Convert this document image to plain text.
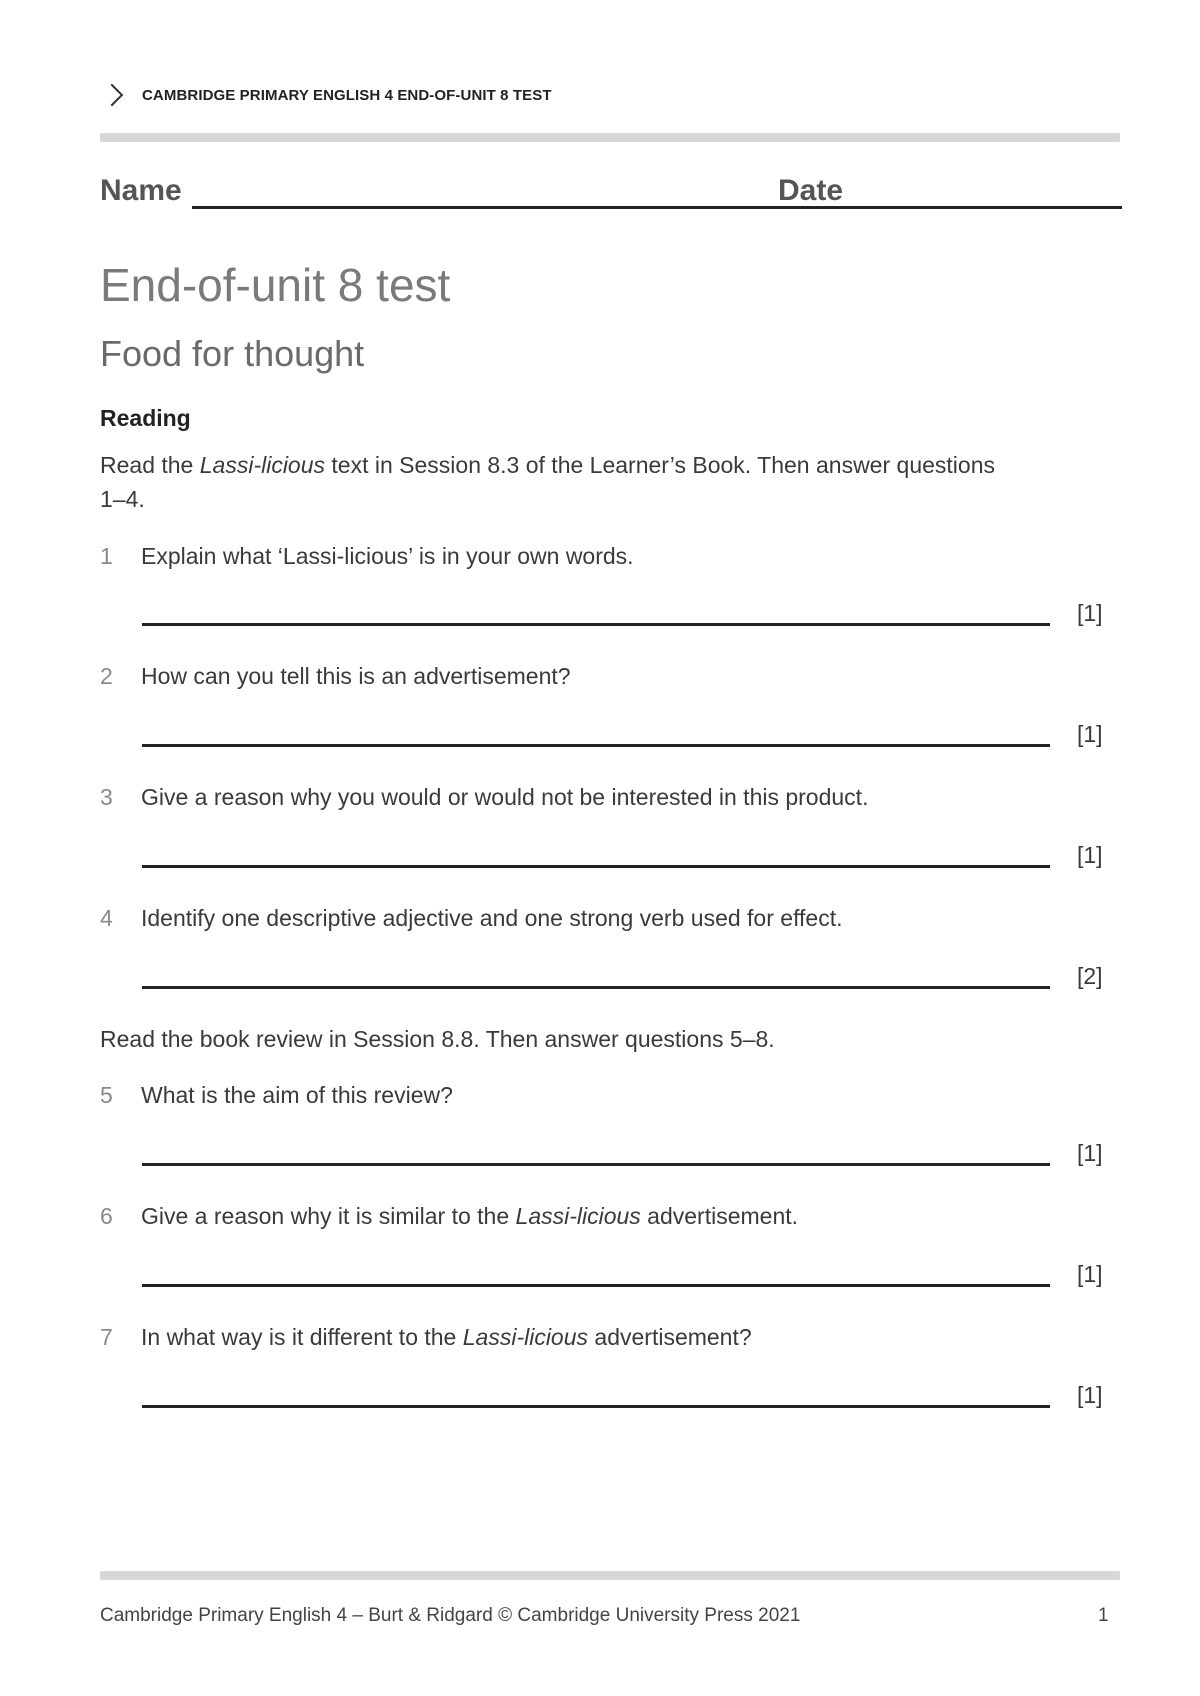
CAMBRIDGE PRIMARY ENGLISH 4 END-OF-UNIT 8 TEST
Name	Date
End-of-unit 8 test
Food for thought
Reading
Read the Lassi-licious text in Session 8.3 of the Learner’s Book. Then answer questions 1–4.
1 Explain what ‘Lassi-licious’ is in your own words.
[1]
2 How can you tell this is an advertisement?
[1]
3 Give a reason why you would or would not be interested in this product.
[1]
4 Identify one descriptive adjective and one strong verb used for effect.
[2]
Read the book review in Session 8.8. Then answer questions 5–8.
5 What is the aim of this review?
[1]
6 Give a reason why it is similar to the Lassi-licious advertisement.
[1]
7 In what way is it different to the Lassi-licious advertisement?
[1]
Cambridge Primary English 4 – Burt & Ridgard © Cambridge University Press 2021	1
